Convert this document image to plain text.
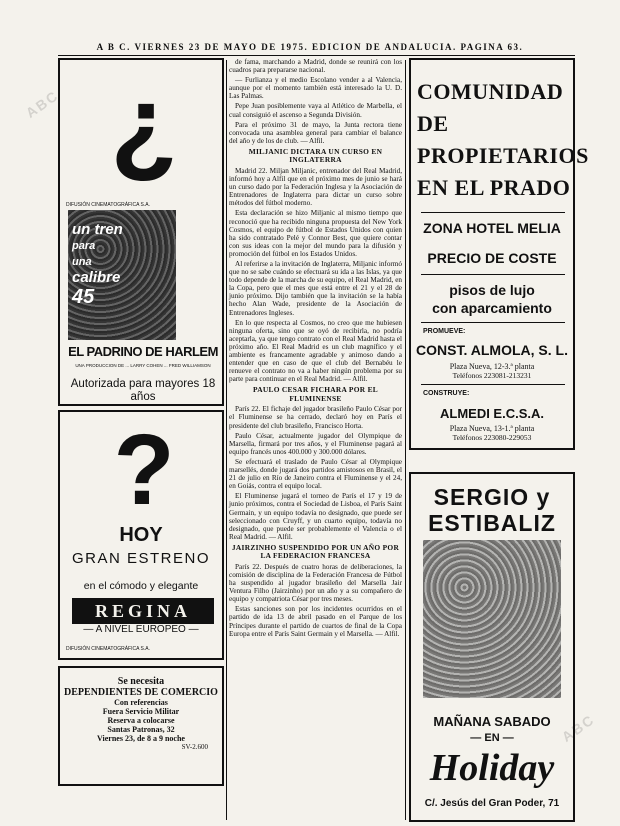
A B C. VIERNES 23 DE MAYO DE 1975. EDICION DE ANDALUCIA. PAGINA 63.
ABC
ABC
¿
DIFUSIÓN CINEMATOGRÁFICA S.A.
un tren
para
una
calibre
45
EL PADRINO DE HARLEM
UNA PRODUCCION DE ... LARRY COHEN ... FRED WILLIAMSON
Autorizada para mayores 18 años
?
HOY
GRAN ESTRENO
en el cómodo y elegante
REGINA
— A NIVEL EUROPEO —
DIFUSIÓN CINEMATOGRÁFICA S.A.
Se necesita
DEPENDIENTES DE COMERCIO
Con referencias
Fuera Servicio Militar
Reserva a colocarse
Santas Patronas, 32
Viernes 23, de 8 a 9 noche
SV-2.600

de fama, marchando a Madrid, donde se reunirá con los cuadros para prepararse nacional.

— Furlianza y el medio Escolano vender a al Valencia, aunque por el momento también está interesado la U. D. Las Palmas.

Pepe Juan posiblemente vaya al Atlético de Marbella, el cual consiguió el ascenso a Segunda División.

Para el próximo 31 de mayo, la Junta rectora tiene convocada una asamblea general para cambiar el balance del año y de los de club. — Alfil.

MILJANIC DICTARA UN CURSO EN INGLATERRA

Madrid 22. Miljan Miljanic, entrenador del Real Madrid, informó hoy a Alfil que en el próximo mes de junio se hará un curso dado por la Federación Inglesa y la Asociación de Entrenadores de Inglaterra para dictar un curso sobre métodos del fútbol moderno.

Esta declaración se hizo Miljanic al mismo tiempo que reconoció que ha recibido ninguna propuesta del New York Cosmos, el equipo de fútbol de Estados Unidos con quien ha sido contratado Pelé y Connor Best, que quiere contar con sus ideas con la mejor del mundo para la difusión y promoción del fútbol en los Estados Unidos.

Al referirse a la invitación de Inglaterra, Miljanic informó que no se sabe cuándo se efectuará su ida a las Islas, ya que todo depende de la marcha de su equipo, el Real Madrid, en la Copa, pero que el mes que está entre el 21 y el 28 de junio próximo. Dijo también que la invitación se la había hecho Alan Wade, presidente de la Asociación de Entrenadores Ingleses.

En lo que respecta al Cosmos, no creo que me hubiesen ninguna oferta, sino que se oyó de recibirla, no podría aceptarla, ya que tengo contrato con el Real Madrid hasta el próximo año. El Real Madrid es un club magnífico y el ambiente es francamente agradable y animoso dando a entender que en caso de que el club del Bernabéu le renueve el contrato no va a haber ningún problema por su parte para continuar en el Real Madrid. — Alfil.

PAULO CESAR FICHARA POR EL FLUMINENSE

París 22. El fichaje del jugador brasileño Paulo César por el Fluminense se ha cerrado, declaró hoy en París el presidente del club brasileño, Francisco Horta.

Paulo César, actualmente jugador del Olympique de Marsella, firmará por tres años, y el Fluminense pagará al equipo francés unos 400.000 y 300.000 dólares.

Se efectuará el traslado de Paulo César al Olympique marsellés, donde jugará dos partidos amistosos en Brasil, el 21 de julio en Río de Janeiro contra el Fluminense y el 24, en Goiás, contra el equipo local.

El Fluminense jugará el torneo de París el 17 y 19 de junio próximos, contra el Sociedad de Lisboa, el París Saint Germain, y un equipo todavía no designado, que puede ser seleccionado con Cruyff, y un cuarto equipo, todavía no designado, que puede ser probablemente el Valencia o el Real Madrid. — Alfil.

JAIRZINHO SUSPENDIDO POR UN AÑO POR LA FEDERACION FRANCESA

París 22. Después de cuatro horas de deliberaciones, la comisión de disciplina de la Federación Francesa de Fútbol ha suspendido al jugador brasileño del Marsella Jair Ventura Filho (Jairzinho) por un año y a su compañero de equipo y compatriota César por tres meses.

Estas sanciones son por los incidentes ocurridos en el partido de ida 13 de abril pasado en el Parque de los Príncipes durante el partido de cuartos de final de la Copa Europa entre el París Saint Germain y el Marsella. — Alfil.

COMUNIDAD
DE
PROPIETARIOS
EN EL PRADO
ZONA HOTEL MELIA
PRECIO DE COSTE
pisos de lujo
con aparcamiento
PROMUEVE:
CONST. ALMOLA, S. L.
Plaza Nueva, 12-3.ª planta
Teléfonos 223081-213231
CONSTRUYE:
ALMEDI E.C.S.A.
Plaza Nueva, 13-1.ª planta
Teléfonos 223080-229053
SERGIO y
ESTIBALIZ
MAÑANA SABADO
— EN —
Holiday
C/. Jesús del Gran Poder, 71
